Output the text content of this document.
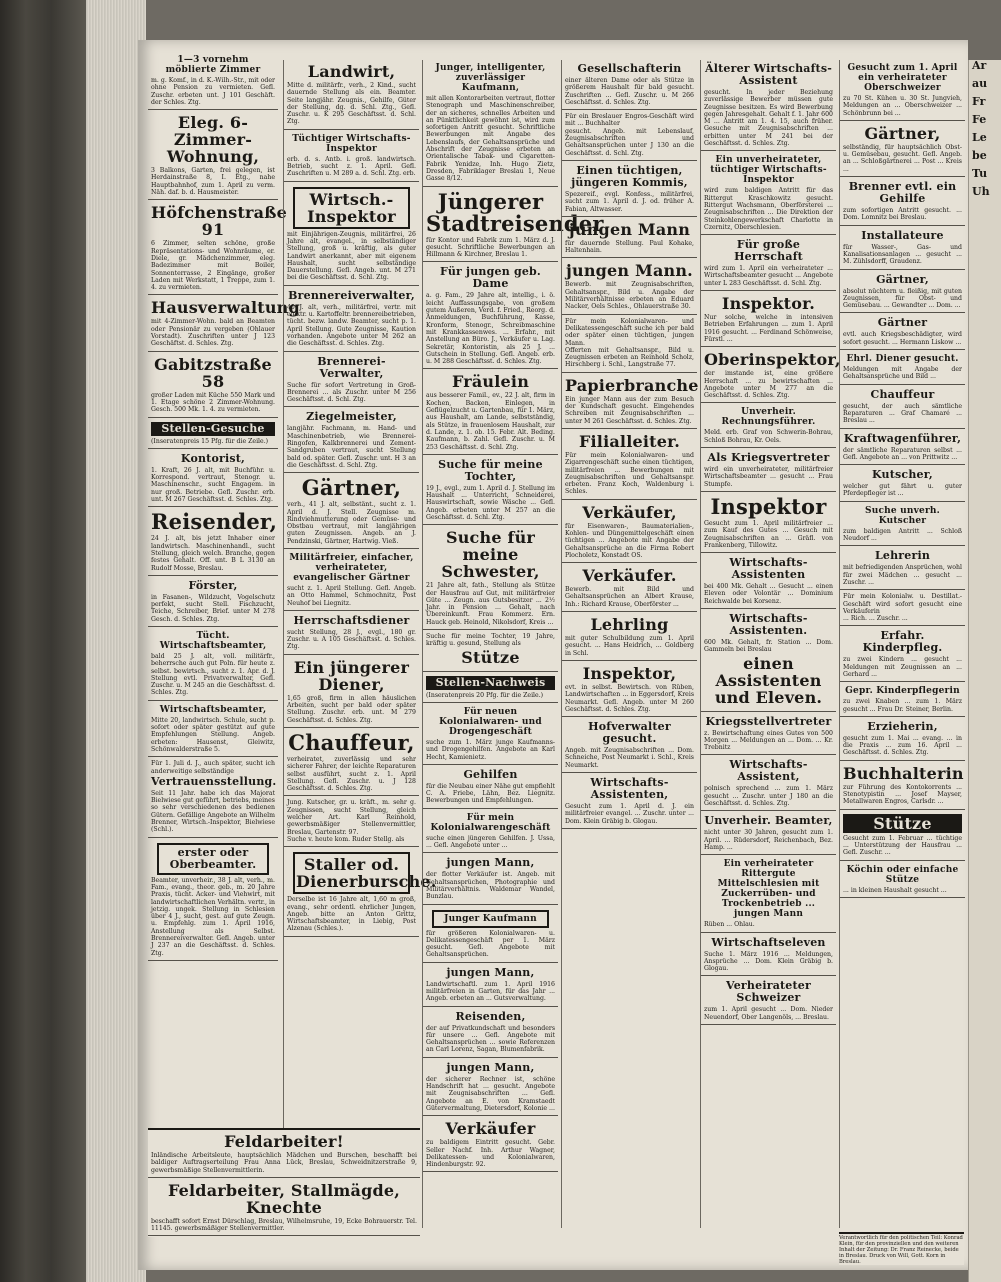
Ar
au
Fr
Fe
Le
be
Tu
Uh
1—3 vornehm möblierte Zimmer
m. g. Komf., in d. K.-Wilh.-Str., mit oder ohne Pension zu vermieten. Gefl. Zuschr. erbeten unt. J 101 Geschäft. der Schles. Ztg.
Eleg. 6-Zimmer-Wohnung,
3 Balkons, Garten, frei gelegen, ist Herdainstraße 8, I. Etg., nahe Hauptbahnhof, zum 1. April zu verm. Näh. daf. b. d. Hausmeister.
Höfchenstraße 91
6 Zimmer, selten schöne, große Repräsentations- und Wohnräume, er. Diele, gr. Mädchenzimmer, eleg. Badezimmer mit Boiler, Sonnenterrasse, 2 Eingänge, großer Laden mit Werkstatt, 1 Treppe, zum 1. 4. zu vermieten.
Hausverwaltung
mit 4-Zimmer-Wohn. bald an Beamten oder Pensionär zu vergeben (Ohlauer Vorstadt). Zuschriften unter J 123 Geschäftst. d. Schles. Ztg.
Gabitzstraße 58
großer Laden mit Küche 550 Mark und 1. Etage schöne 2 Zimmer-Wohnung. Gesch. 500 Mk. 1. 4. zu vermieten.
Stellen-Gesuche
(Inseratenpreis 15 Pfg. für die Zeile.)
Kontorist,
1. Kraft, 26 J. alt, mit Buchführ. u. Korrespond. vertraut, Stenogr. u. Maschinenschr., sucht Engagem. in nur groß. Betriebe. Gefl. Zuschr. erb. unt. M 267 Geschäftsst. d. Schles. Ztg.
Reisender,
24 J. alt, bis jetzt Inhaber einer landwirtsch. Maschinenhandl., sucht Stellung, gleich welch. Branche, gegen festes Gehalt. Off. unt. B L 3130 an Rudolf Mosse, Breslau.
Förster,
in Fasanen-, Wildzucht, Vogelschutz perfekt, sucht Stell. Fischzucht, Teiche, Schreiber, Brief. unter M 278 Gesch. d. Schles. Ztg.
Tücht. Wirtschaftsbeamter,
bald 25 J. alt, voll. militärfr., beherrsche auch gut Poln. für heute z. selbst. bewirtsch., sucht z. 1. Apr. d. J. Stellung evtl. Privatverwalter, Gefl. Zuschr. u. M 245 an die Geschäftsst. d. Schles. Ztg.
Wirtschaftsbeamter,
Mitte 20, landwirtsch. Schule, sucht p. sofort oder später gestützt auf gute Empfehlungen Stellung. Angeb. erbeten: Hausenst, Gleiwitz, Schönwalderstraße 5.
Für 1. Juli d. J., auch später, sucht ich anderweitige selbständige
Vertrauensstellung.
Seit 11 Jahr. habe ich das Majorat Bielwiese gut geführt, betriebs, meines so sehr verschiedenen des bedienen Gütern. Gefällige Angebote an Wilhelm Brenner, Wirtsch.-Inspektor, Bielwiese (Schl.).
erster oder Oberbeamter.
Beamter, unverheir., 38 J. alt, verh., m. Fam., evang., theor. geb., m. 20 Jahre Praxis, tücht. Acker- und Viehwirt, mit landwirtschaftlichen Verhältn. vertr., in jetzig. ungek. Stellung in Schlesien über 4 J., sucht, gest. auf gute Zeugn. u. Empfehlg. zum 1. April 1916, Anstellung als Selbst. Brennereiverwalter. Gefl. Angeb. unter J 237 an die Geschäftsst. d. Schles. Ztg.
Landwirt,
Mitte d. militärfr., verh., 2 Kind., sucht dauernde Stellung als ein. Beamter. Seite langjähr. Zeugnis., Gehilfe, Güter der Stellung, dg. d. Schl. Ztg., Gefl. Zuschr. u. K 295 Geschäftsst. d. Schl. Ztg.
Tüchtiger Wirtschafts-Inspektor
erb. d. s. Antb. i. groß. landwirtsch. Betrieb, sucht z. 1. April. Gefl. Zuschriften u. M 289 a. d. Schl. Ztg. erb.
Wirtsch.-Inspektor
mit Einjährigen-Zeugnis, militärfrei, 26 Jahre alt, evangel., in selbständiger Stellung, groß u. kräftig, als guter Landwirt anerkannt, aber mit eigenem Haushalt, sucht selbständige Dauerstellung. Gefl. Angeb. unt. M 271 bei die Geschäftsst. d. Schl. Ztg.
Brennereiverwalter,
40 J. alt, verh., militärfrei, vertr. mit elektr. u. Kartoffeltr. brennereibetrieben, tücht. bezw. landw. Beamter, sucht p. 1. April Stellung. Gute Zeugnisse, Kaution vorhanden. Angebote unter M 262 an die Geschäftsst. d. Schles. Ztg.
Brennerei-Verwalter,
Suche für sofort Vertretung in Groß-Brennerei ... als Zuschr. unter M 256 Geschäftsst. d. Schl. Ztg.
Ziegelmeister,
langjähr. Fachmann, m. Hand- und Maschinenbetrieb, wie Brennerei-Ringofen, Kalkbrennerei und Zement-Sandgruben vertraut, sucht Stellung bald od. später. Gefl. Zuschr. unt. H 3 an die Geschäftsst. d. Schl. Ztg.
Gärtner,
verh., 41 J. alt, selbstänt., sucht z. 1. April d. J. Stell. Zeugnisse m. Rindviehmutterung oder Gemüse- und Obstbau vertraut, mit langjährigen guten Zeugnissen. Angeb. an J. Pendzinski, Gärtner, Hartwig. Vieß.
Militärfreier, einfacher, verheirateter, evangelischer Gärtner
sucht z. 1. April Stellung. Gefl. Angeb. an Otto Hammel, Schmochnitz, Post Neuhof bei Liegnitz.
Herrschaftsdiener
sucht Stellung, 28 J., evgl., 180 gr. Zuschr. u. A 105 Geschäftsst. d. Schles. Ztg.
Ein jüngerer Diener,
1,65 groß, firm in allen häuslichen Arbeiten, sucht per bald oder später Stellung. Zuschr. erb. unt. M 279 Geschäftsst. d. Schles. Ztg.
Chauffeur,
verheiratet, zuverlässig und sehr sicherer Fahrer, der leichte Reparaturen selbst ausführt, sucht z. 1. April Stellung. Gefl. Zuschr. u. J 128 Geschäftsst. d. Schles. Ztg.
Jung. Kutscher, gr. u. kräft., m. sehr g. Zeugnissen, sucht Stellung, gleich welcher Art. Karl Reinhold, gewerbsmäßiger Stellenvermittler, Breslau, Gartenstr. 97.
Suche v. heute kom. Ruder Stellg. als
Staller od. Dienerbursche.
Derselbe ist 16 Jahre alt, 1,60 m groß, evang., sehr ordentl. ehrlicher Jungen, Angeb. bitte an Anton Grittz, Wirtschaftsbeamter, in Liebig, Post Alzenau (Schles.).
Junger, intelligenter, zuverlässiger Kaufmann,
mit allen Kontorarbeiten vertraut, flotter Stenograph und Maschinenschreiber, der an sicheres, schnelles Arbeiten und an Pünktlichkeit gewöhnt ist, wird zum sofortigen Antritt gesucht. Schriftliche Bewerbungen mit Angabe des Lebenslaufs, der Gehaltsansprüche und Abschrift der Zeugnisse erbeten an Orientalische Tabak- und Cigaretten-Fabrik Yenidze, Inh. Hugo Zietz, Dresden, Fabriklager Breslau 1, Neue Gasse 8/12.
Jüngerer Stadtreisender
für Kontor und Fabrik zum 1. März d. J. gesucht. Schriftliche Bewerbungen an Hillmann & Kirchner, Breslau 1.
Für jungen geb. Dame
a. g. Fam., 29 Jahre alt, intellig., i. ö. leicht Auffassungsgabe, von großem gutem Äußeren, Verd. f. Fried., Reorg. d. Anmeldungen, Buchführung, Kasse, Kronform, Stenogr., Schreibmaschine mit Krankkassenwes. ... Erfahr., mit Anstellung an Büro. J., Verkäufer u. Lag. Sekretär, Kontoristin, als 25 J. ... Gutschein in Stellung. Gefl. Angeb. erb. u. M 288 Geschäftsst. d. Schles. Ztg.
Fräulein
aus besserer Famil., ev., 22 J. alt, firm in Kochen, Backen, Einlegen, in Geflügelzucht u. Gartenbau, für 1. März, aus Haushalt, am Lande, selbstständig, als Stütze, in frauenlosem Haushalt, zur d. Lande, z. 1. ob. 15. Febr. Alt. Beding. Kaufmann, b. Zahl. Gefl. Zuschr. u. M 253 Geschäftsst. d. Schl. Ztg.
Suche für meine Tochter,
19 J., evgl., zum 1. April d. J. Stellung im Haushalt ... Unterricht, Schneiderei, Hauswirtschaft, sowie Wäsche ... Gefl. Angeb. erbeten unter M 257 an die Geschäftsst. d. Schl. Ztg.
Suche für meine Schwester,
21 Jahre alt, fath., Stellung als Stütze der Hausfrau auf Gut, mit militärfreier Güte ... Zeugn. aus Gutsbesitzer ... 2½ Jahr. in Pension ... Gehalt, nach Übereinkunft. Frau Kommerz. Ern. Hauck geb. Heinold, Nikolsdorf, Kreis ...
Suche für meine Tochter, 19 Jahre, kräftig u. gesund, Stellung als
Stütze
Stellen-Nachweis
(Inseratenpreis 20 Pfg. für die Zeile.)
Für neuen Kolonialwaren- und Drogengeschäft
suche zum 1. März junge Kaufmanns- und Drogengehilfen. Angebote an Karl Hecht, Kamienietz.
Gehilfen
für die Neubau einer Nähe gut empfiehlt C. A. Friebe, Lähn, Bez. Liegnitz. Bewerbungen und Empfehlungen.
Für mein Kolonialwarengeschäft
suche einen jüngeren Gehilfen. J. Ussa, ... Gefl. Angebote unter ...
jungen Mann,
der flotter Verkäufer ist. Angeb. mit Gehaltsansprüchen, Photographie und Militärverhältnis. Waldemar Wandel, Bunzlau.
Junger Kaufmann
für größeren Kolonialwaren- u. Delikatessengeschäft per 1. März gesucht. Gefl. Angebote mit Gehaltsansprüchen.
jungen Mann,
Landwirtschaftl. zum 1. April 1916 militärfreien in Garten, für das Jahr ... Angeb. erbeten an ... Gutsverwaltung.
Reisenden,
der auf Privatkundschaft und besonders für unsere ... Gefl. Angebote mit Gehaltsansprüchen ... sowie Referenzen an Carl Lorenz, Sagan, Blumenfabrik.
jungen Mann,
der sicherer Rechner ist, schöne Handschrift hat ... gesucht. Angebote mit Zeugnisabschriften ... Gefl. Angebote an E. von Kramstaedt Gütervermaltung, Dietersdorf, Kolonie ...
Verkäufer
zu baldigem Eintritt gesucht. Gebr. Seller Nachf. Inh. Arthur Wagner, Delikatessen- und Kolonialwaren, Hindenburgstr. 92.
Gesellschafterin
einer älteren Dame oder als Stütze in größerem Haushalt für bald gesucht. Zuschriften ... Gefl. Zuschr. u. M 266 Geschäftsst. d. Schles. Ztg.
Für ein Breslauer Engros-Geschäft wird mit ... Buchhalter
gesucht. Angeb. mit Lebenslauf, Zeugnisabschriften und Gehaltsansprüchen unter J 130 an die Geschäftsst. d. Schl. Ztg.
Einen tüchtigen, jüngeren Kommis,
Spezereif., evgl. Konfess., militärfrei, sucht zum 1. April d. J. od. früher A. Fabian, Altwasser.
jungen Mann
für dauernde Stellung. Paul Kohake, Haltenhain.
jungen Mann.
Bewerb. mit Zeugnisabschriften, Gehaltsanspr., Bild u. Angabe der Militärverhältnisse erbeten an Eduard Nacker, Oels Schles., Ohlauerstraße 30.
Für mein Kolonialwaren- und Delikatessengeschäft suche ich per bald oder später einen tüchtigen, jungen Mann.
Offerten mit Gehaltsanspr., Bild u. Zeugnissen erbeten an Reinhold Scholz, Hirschberg i. Schl., Langstraße 77.
Papierbranche
Ein junger Mann aus der zum Besuch der Kundschaft gesucht. Eingehendes Schreiben mit Zeugnisabschriften ... unter M 261 Geschäftsst. d. Schles. Ztg.
Filialleiter.
Für mein Kolonialwaren- und Zigarrengeschäft suche einen tüchtigen, militärfreien ... Bewerbungen mit Zeugnisabschriften und Gehaltsanspr. erbeten. Franz Koch, Waldenburg i. Schles.
Verkäufer,
für Eisenwaren-, Baumaterialien-, Kohlen- und Düngemittelgeschäft einen tüchtigen ... Angebote mit Angabe der Gehaltsansprüche an die Firma Robert Plocholetz, Konstadt OS.
Verkäufer.
Bewerb. mit Bild und Gehaltsansprüchen an Albert Krause, Inh.: Richard Krause, Oberförster ...
Lehrling
mit guter Schulbildung zum 1. April gesucht. ... Hans Heidrich, ... Goldberg in Schl.
Inspektor,
evt. in selbst. Bewirtsch. von Rüben, Landwirtschaften ... in Eggersdorf, Kreis Neumarkt. Gefl. Angeb. unter M 260 Geschäftsst. d. Schles. Ztg.
Hofverwalter gesucht.
Angeb. mit Zeugnisabschriften ... Dom. Schneiche, Post Neumarkt i. Schl., Kreis Neumarkt.
Wirtschafts-Assistenten,
Gesucht zum 1. April d. J. ein militärfreier evangel. ... Zuschr. unter ... Dom. Klein Gräbig b. Glogau.
Älterer Wirtschafts-Assistent
gesucht. In jeder Beziehung zuverlässige Bewerber müssen gute Zeugnisse besitzen. Es wird Bewerbung gegen Jahresgehalt. Gehalt f. 1. Jahr 600 M ... Antritt am 1. 4. 15, auch früher. Gesuche mit Zeugnisabschriften ... erbitten unter M 241 bei der Geschäftsst. d. Schles. Ztg.
Ein unverheirateter, tüchtiger Wirtschafts-Inspektor
wird zum baldigen Antritt für das Rittergut Kraschkowitz gesucht. Rittergut Wachsmann, Oberförsterei ... Zeugnisabschriften ... Die Direktion der Steinkohlengewerkschaft Charlotte in Czernitz, Oberschlesien.
Für große Herrschaft
wird zum 1. April ein verheirateter ... Wirtschaftsbeamter gesucht ... Angebote unter L 283 Geschäftsst. d. Schl. Ztg.
Inspektor.
Nur solche, welche in intensiven Betrieben Erfahrungen ... zum 1. April 1916 gesucht. ... Ferdinand Schönweise, Fürstl. ...
Oberinspektor,
der imstande ist, eine größere Herrschaft ... zu bewirtschaften ... Angebote unter M 277 an die Geschäftsst. d. Schles. Ztg.
Unverheir. Rechnungsführer.
Meld. erb. Graf von Schwerin-Bohrau, Schloß Bohrau, Kr. Oels.
Als Kriegsvertreter
wird ein unverheirateter, militärfreier Wirtschaftsbeamter ... gesucht ... Frau Stumpfe.
Inspektor
Gesucht zum 1. April militärfreier ... zum Kauf des Gutes ... Gesuch mit Zeugnisabschriften an ... Gräfl. von Frankenberg, Tillowitz.
Wirtschafts-Assistenten
bei 400 Mk. Gehalt ... Gesucht ... einen Eleven oder Volontär ... Dominium Reichwalde bei Korsenz.
Wirtschafts-Assistenten.
600 Mk. Gehalt, fr. Station ... Dom. Gammeln bei Breslau
einen Assistenten und Eleven.
Kriegsstellvertreter
z. Bewirtschaftung eines Gutes von 500 Morgen ... Meldungen an ... Dom. ... Kr. Trebnitz
Wirtschafts-Assistent,
polnisch sprechend ... zum 1. März gesucht ... Zuschr. unter J 180 an die Geschäftsst. d. Schles. Ztg.
Unverheir. Beamter,
nicht unter 30 Jahren, gesucht zum 1. April. ... Rüdersdorf, Reichenbach, Bez. Hamp. ...
Ein verheirateter Rittergute Mittelschlesien mit Zuckerrüben- und Trockenbetrieb ... jungen Mann
Rüben ... Ohlau.
Wirtschaftseleven
Suche 1. März 1916 ... Meldungen, Ansprüche ... Dom. Klein Gräbig b. Glogau.
Verheirateter Schweizer
zum 1. April gesucht ... Dom. Nieder Neuendorf, Ober Langenöls, ... Breslau.
Gesucht zum 1. April ein verheirateter Oberschweizer
zu 70 St. Kühen u. 30 St. Jungvieh, Meldungen an ... Oberschweizer ... Schönbrunn bei ...
Gärtner,
selbständig, für hauptsächlich Obst- u. Gemüsebau, gesucht. Gefl. Angeb. an ... Schloßgärtnerei ... Post ... Kreis ...
Brenner evtl. ein Gehilfe
zum sofortigen Antritt gesucht. ... Dom. Lomnitz bei Breslau.
Installateure
für Wasser-, Gas- und Kanalisationsanlagen ... gesucht ... M. Zühlsdorff, Graudenz.
Gärtner,
absolut nüchtern u. fleißig, mit guten Zeugnissen, für Obst- und Gemüsebau. ... Gewandter ... Dom. ...
Gärtner
evtl. auch Kriegsbeschädigter, wird sofort gesucht. ... Hermann Liskow ...
Ehrl. Diener gesucht.
Meldungen mit Angabe der Gehaltsansprüche und Bild ...
Chauffeur
gesucht, der auch sämtliche Reparaturen ... Graf Chamaré ... Breslau ...
Kraftwagenführer,
der sämtliche Reparaturen selbst ... Gefl. Angebote an ... von Prittwitz ...
Kutscher,
welcher gut fährt u. guter Pferdepfleger ist ...
Suche unverh. Kutscher
zum baldigen Antritt ... Schloß Neudorf ...
Lehrerin
mit befriedigenden Ansprüchen, wohl für zwei Mädchen ... gesucht ... Zuschr. ...
Für mein Kolonialw. u. Destillat.-Geschäft wird sofort gesucht eine Verkäuferin
... Rich. ... Zuschr. ...
Erfahr. Kinderpfleg.
zu zwei Kindern ... gesucht ... Meldungen mit Zeugnissen an ... Gerhard ...
Gepr. Kinderpflegerin
zu zwei Knaben ... zum 1. März gesucht ... Frau Dr. Steiner, Berlin.
Erzieherin,
gesucht zum 1. Mai ... evang. ... in die Praxis ... zum 16. April ... Geschäftsst. d. Schles. Ztg.
Buchhalterin
zur Führung des Kontokorrents ... Stenotypistin ... Josef Mayser, Metallwaren Engros, Carlsdr. ...
Stütze
Gesucht zum 1. Februar ... tüchtige ... Unterstützung der Hausfrau ... Gefl. Zuschr. ...
Köchin oder einfache Stütze
... in kleinen Haushalt gesucht ...
Feldarbeiter!
Inländische Arbeitsleute, hauptsächlich Mädchen und Burschen, beschafft bei baldiger Auftragserteilung Frau Anna Lück, Breslau, Schweidnitzerstraße 9, gewerbsmäßige Stellenvermittlerin.
Feldarbeiter, Stallmägde, Knechte
beschafft sofort Ernst Dürschlag, Breslau, Wilhelmsruhe, 19, Ecke Bohrauerstr. Tel. 11145. gewerbsmäßiger Stellenvermittler.
Verantwortlich für den politischen Teil: Konrad Klein, für den provinziellen und den weiteren Inhalt der Zeitung: Dr. Franz Reinecke, beide in Breslau. Druck von Will, Gott. Korn in Breslau.
